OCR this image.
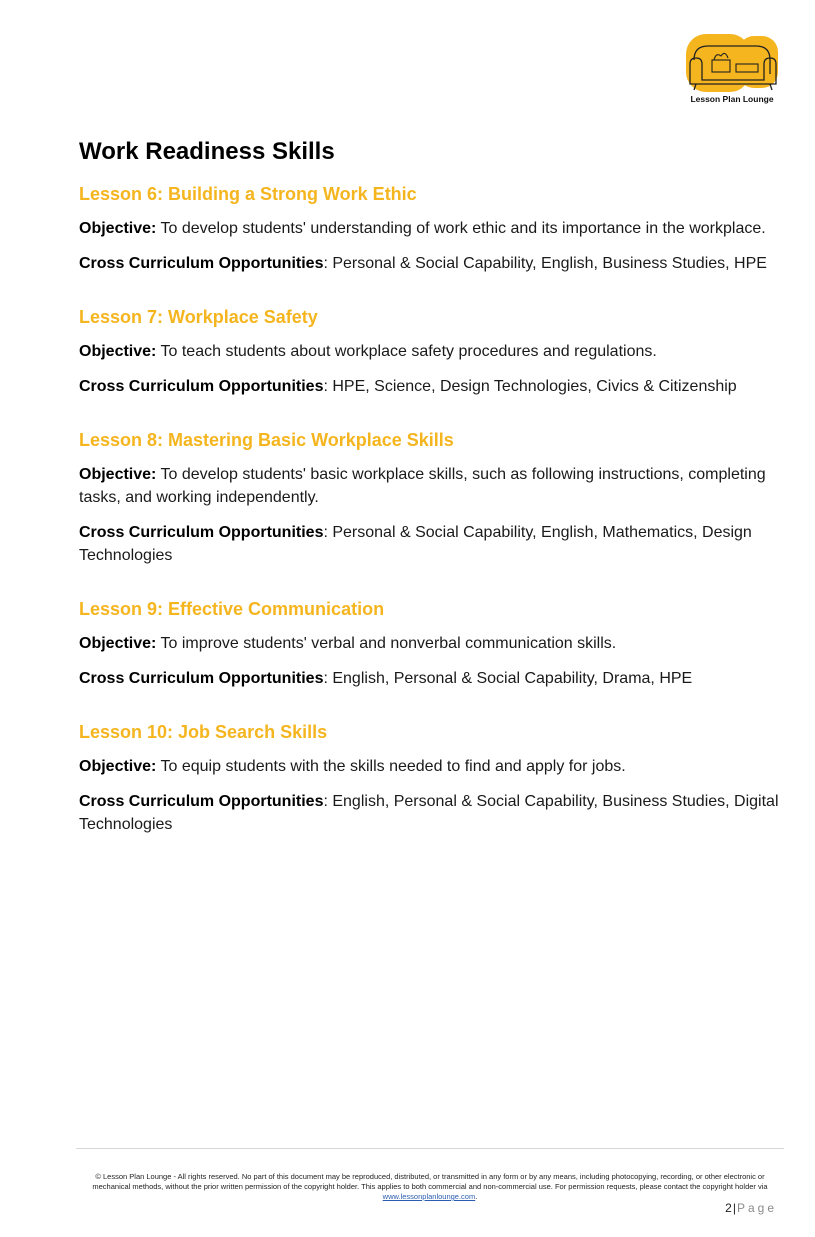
Lesson Plan Lounge
Work Readiness Skills
Lesson 6: Building a Strong Work Ethic

Objective: To develop students' understanding of work ethic and its importance in the workplace.

Cross Curriculum Opportunities: Personal & Social Capability, English, Business Studies, HPE

Lesson 7: Workplace Safety

Objective: To teach students about workplace safety procedures and regulations.

Cross Curriculum Opportunities: HPE, Science, Design Technologies, Civics & Citizenship

Lesson 8: Mastering Basic Workplace Skills

Objective: To develop students' basic workplace skills, such as following instructions, completing tasks, and working independently.

Cross Curriculum Opportunities: Personal & Social Capability, English, Mathematics, Design Technologies

Lesson 9: Effective Communication

Objective: To improve students' verbal and nonverbal communication skills.

Cross Curriculum Opportunities: English, Personal & Social Capability, Drama, HPE

Lesson 10: Job Search Skills

Objective: To equip students with the skills needed to find and apply for jobs.

Cross Curriculum Opportunities: English, Personal & Social Capability, Business Studies, Digital Technologies

© Lesson Plan Lounge - All rights reserved. No part of this document may be reproduced, distributed, or transmitted in any form or by any means, including photocopying, recording, or other electronic or mechanical methods, without the prior written permission of the copyright holder. This applies to both commercial and non-commercial use. For permission requests, please contact the copyright holder via
www.lessonplanlounge.com.
2|Page
